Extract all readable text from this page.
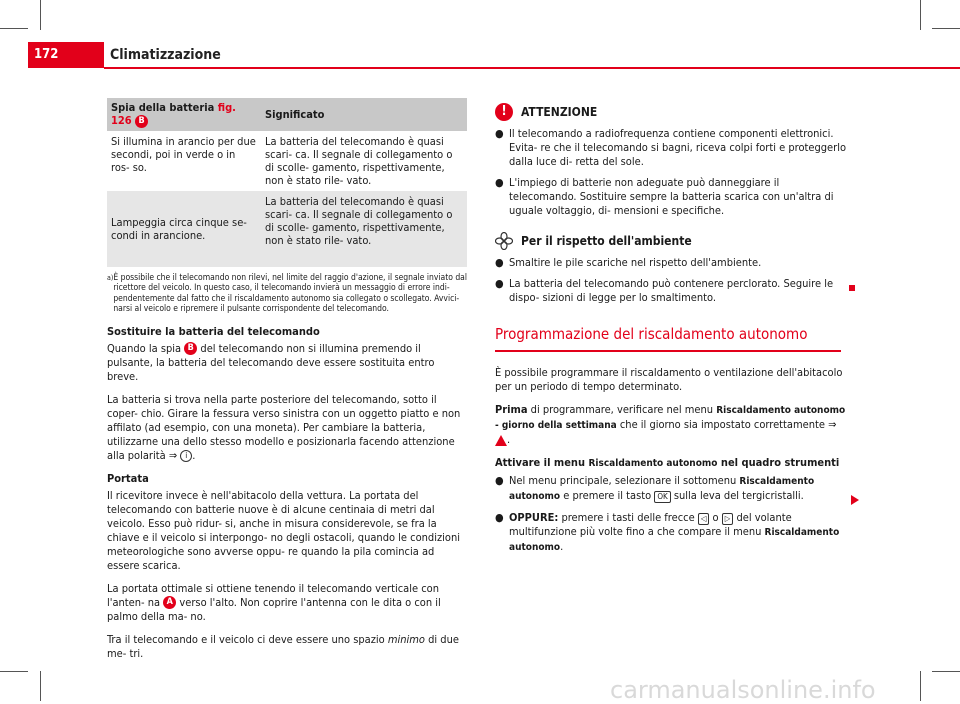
172	Climatizzazione
Spia della batteria fig. 126 B	Significato
Si illumina in arancio per due secondi, poi in verde o in ros- so.	La batteria del telecomando è quasi scari- ca. Il segnale di collegamento o di scolle- gamento, rispettivamente, non è stato rile- vato.
Lampeggia circa cinque se- condi in arancione.	La batteria del telecomando è quasi scari- ca. Il segnale di collegamento o di scolle- gamento, rispettivamente, non è stato rile- vato.
a) È possibile che il telecomando non rilevi, nel limite del raggio d'azione, il segnale inviato dal ricettore del veicolo. In questo caso, il telecomando invierà un messaggio di errore indi- pendentemente dal fatto che il riscaldamento autonomo sia collegato o scollegato. Avvici- narsi al veicolo e ripremere il pulsante corrispondente del telecomando.

Sostituire la batteria del telecomando

Quando la spia B del telecomando non si illumina premendo il pulsante, la batteria del telecomando deve essere sostituita entro breve.

La batteria si trova nella parte posteriore del telecomando, sotto il coper- chio. Girare la fessura verso sinistra con un oggetto piatto e non affilato (ad esempio, con una moneta). Per cambiare la batteria, utilizzarne una dello stesso modello e posizionarla facendo attenzione alla polarità ⇒ i .

Portata

Il ricevitore invece è nell'abitacolo della vettura. La portata del telecomando con batterie nuove è di alcune centinaia di metri dal veicolo. Esso può ridur- si, anche in misura considerevole, se fra la chiave e il veicolo si interpongo- no degli ostacoli, quando le condizioni meteorologiche sono avverse oppu- re quando la pila comincia ad essere scarica.

La portata ottimale si ottiene tenendo il telecomando verticale con l'anten- na A verso l'alto. Non coprire l'antenna con le dita o con il palmo della ma- no.

Tra il telecomando e il veicolo ci deve essere uno spazio minimo di due me- tri.

!	ATTENZIONE
● Il telecomando a radiofrequenza contiene componenti elettronici. Evita- re che il telecomando si bagni, riceva colpi forti e proteggerlo dalla luce di- retta del sole.
● L'impiego di batterie non adeguate può danneggiare il telecomando. Sostituire sempre la batteria scarica con un'altra di uguale voltaggio, di- mensioni e specifiche.
Per il rispetto dell'ambiente
● Smaltire le pile scariche nel rispetto dell'ambiente.
● La batteria del telecomando può contenere perclorato. Seguire le dispo- sizioni di legge per lo smaltimento.

Programmazione del riscaldamento autonomo

È possibile programmare il riscaldamento o ventilazione dell'abitacolo per un periodo di tempo determinato.

Prima di programmare, verificare nel menu Riscaldamento autonomo - giorno della settimana che il giorno sia impostato correttamente ⇒ .

Attivare il menu Riscaldamento autonomo nel quadro strumenti

● Nel menu principale, selezionare il sottomenu Riscaldamento autonomo e premere il tasto OK sulla leva del tergicristalli.
● OPPURE: premere i tasti delle frecce ◁ o ▷ del volante multifunzione più volte fino a che compare il menu Riscaldamento autonomo.
carmanualsonline.info
